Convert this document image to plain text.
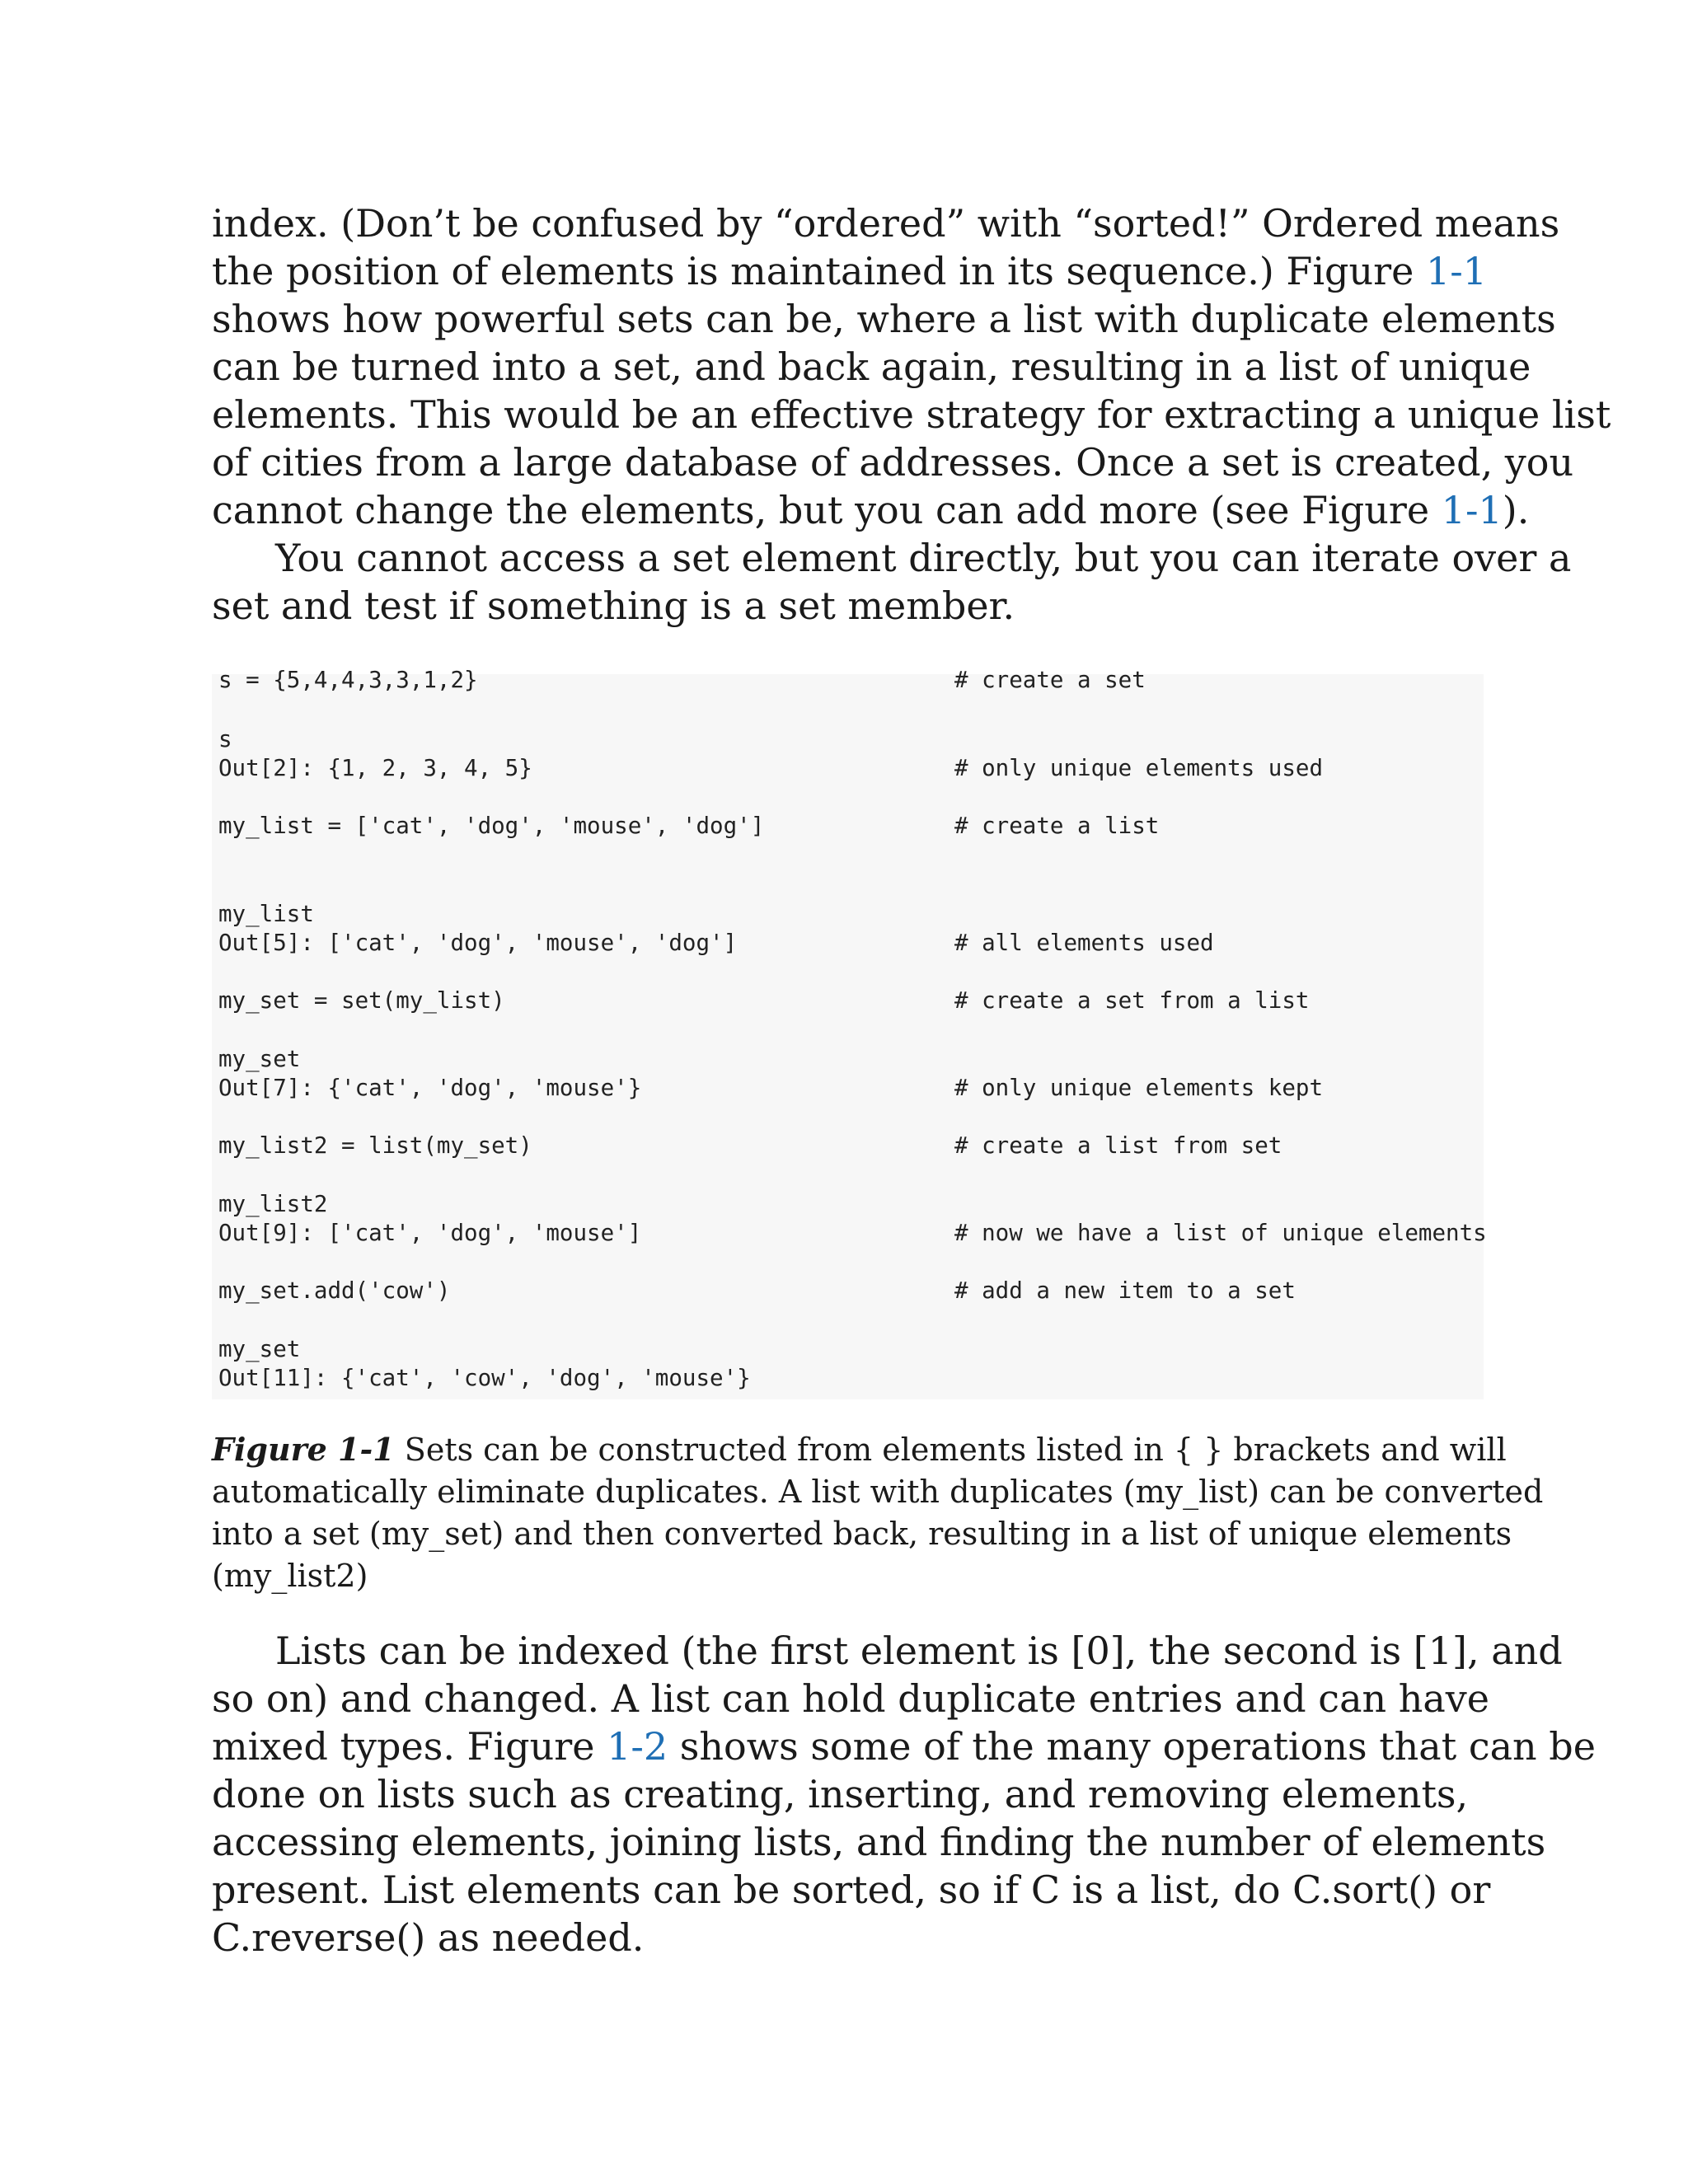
index. (Don’t be confused by “ordered” with “sorted!” Ordered means
the position of elements is maintained in its sequence.) Figure 1-1
shows how powerful sets can be, where a list with duplicate elements
can be turned into a set, and back again, resulting in a list of unique
elements. This would be an effective strategy for extracting a unique list
of cities from a large database of addresses. Once a set is created, you
cannot change the elements, but you can add more (see Figure 1-1).
You cannot access a set element directly, but you can iterate over a
set and test if something is a set member.
s = {5,4,4,3,3,1,2}	# create a set
s
Out[2]: {1, 2, 3, 4, 5}	# only unique elements used
my_list = ['cat', 'dog', 'mouse', 'dog']	# create a list
my_list
Out[5]: ['cat', 'dog', 'mouse', 'dog']	# all elements used
my_set = set(my_list)	# create a set from a list
my_set
Out[7]: {'cat', 'dog', 'mouse'}	# only unique elements kept
my_list2 = list(my_set)	# create a list from set
my_list2
Out[9]: ['cat', 'dog', 'mouse']	# now we have a list of unique elements
my_set.add('cow')	# add a new item to a set
my_set
Out[11]: {'cat', 'cow', 'dog', 'mouse'}
Figure 1-1 Sets can be constructed from elements listed in { } brackets and will
automatically eliminate duplicates. A list with duplicates (my_list) can be converted
into a set (my_set) and then converted back, resulting in a list of unique elements
(my_list2)
Lists can be indexed (the first element is [0], the second is [1], and
so on) and changed. A list can hold duplicate entries and can have
mixed types. Figure 1-2 shows some of the many operations that can be
done on lists such as creating, inserting, and removing elements,
accessing elements, joining lists, and finding the number of elements
present. List elements can be sorted, so if C is a list, do C.sort() or
C.reverse() as needed.
